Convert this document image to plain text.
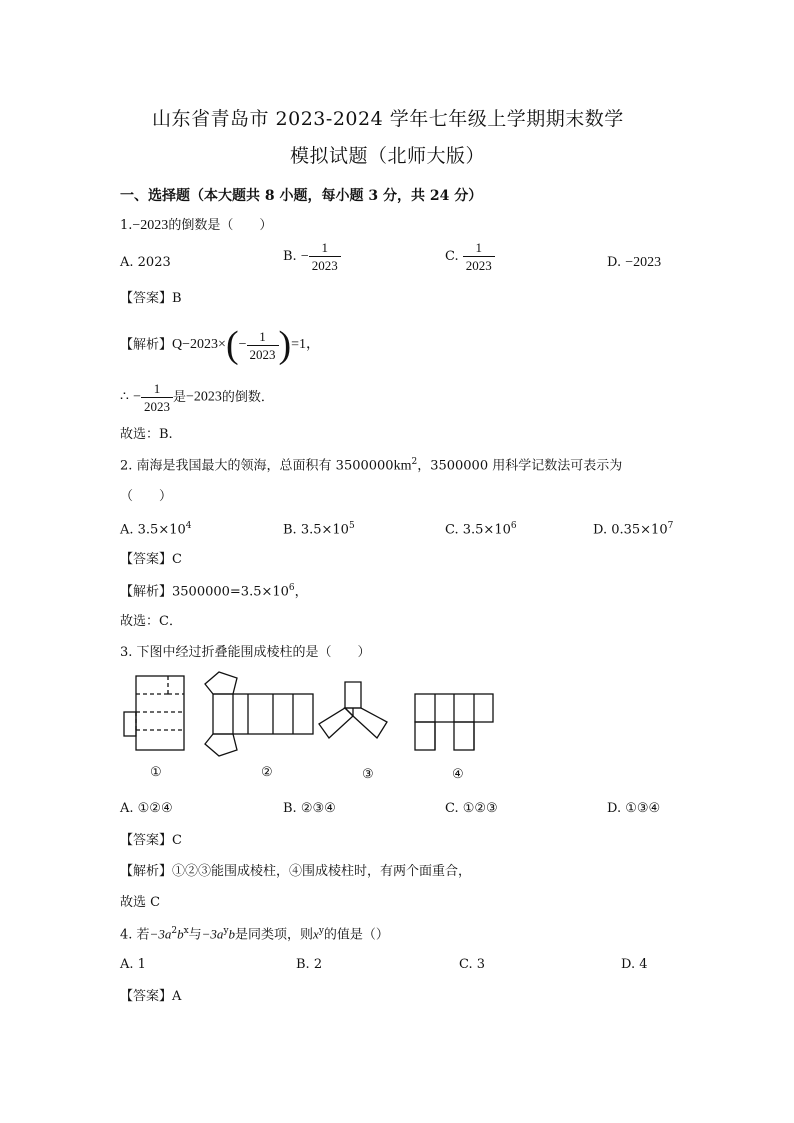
山东省青岛市 2023-2024 学年七年级上学期期末数学
模拟试题（北师大版）
一、选择题（本大题共 8 小题，每小题 3 分，共 24 分）
1.−2023的倒数是（　　）
A. 2023	B. − $\frac{1}{2023}$	C. $\frac{1}{2023}$	D. −2023
【答案】B
【解析】$Q-2023\times(- \frac{1}{2023} )=1$，
∴ − $\frac{1}{2023}$ 是−2023的倒数．
故选：B.
2. 南海是我国最大的领海，总面积有 $3500000km^2$，3500000 用科学记数法可表示为
（　　）
A. $3.5\times 10^4$	B. $3.5\times 10^5$	C. $3.5\times 10^6$	D. $0.35\times 10^7$
【答案】C
【解析】$3500000=3.5\times 10^6$，
故选：C．
3. 下图中经过折叠能围成棱柱的是（　　）
①	②	③	④
A. ①②④	B. ②③④	C. ①②③	D. ①③④
【答案】C
【解析】①②③能围成棱柱，④围成棱柱时，有两个面重合，
故选 C
4. 若$-3a^2b^x$与$-3a^yb$是同类项，则$x^y$的值是（）
A. 1	B. 2	C. 3	D. 4
【答案】A
